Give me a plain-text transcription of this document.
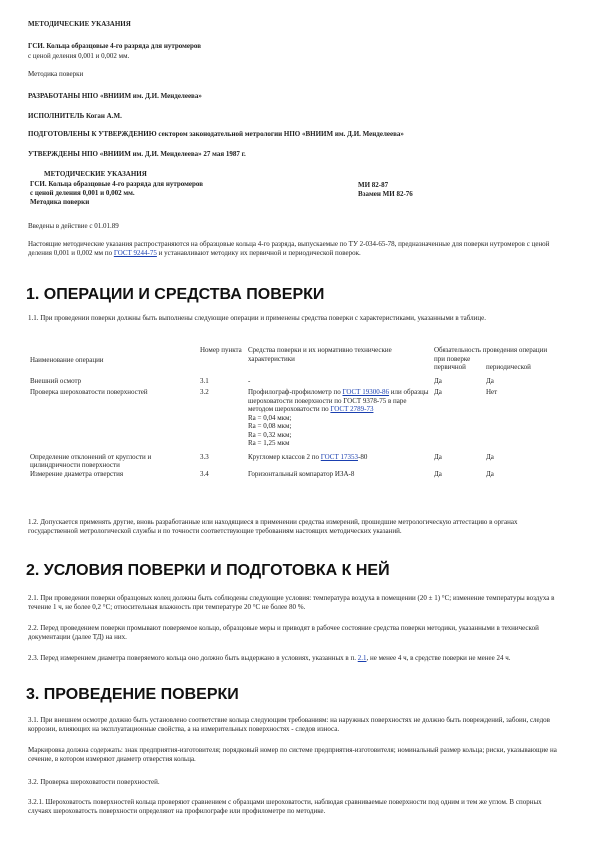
МЕТОДИЧЕСКИЕ УКАЗАНИЯ
ГСИ. Кольца образцовые 4-го разряда для нутромеров
с ценой деления 0,001 и 0,002 мм.
Методика поверки
РАЗРАБОТАНЫ НПО «ВНИИМ им. Д.И. Менделеева»
ИСПОЛНИТЕЛЬ Коган А.М.
ПОДГОТОВЛЕНЫ К УТВЕРЖДЕНИЮ сектором законодательной метрологии НПО «ВНИИМ им. Д.И. Менделеева»
УТВЕРЖДЕНЫ НПО «ВНИИМ им. Д.И. Менделеева» 27 мая 1987 г.
МЕТОДИЧЕСКИЕ УКАЗАНИЯ
ГСИ. Кольца образцовые 4-го разряда для нутромеров
с ценой деления 0,001 и 0,002 мм.
Методика поверки
МИ 82-87
Взамен МИ 82-76
Введены в действие с 01.01.89
Настоящие методические указания распространяются на образцовые кольца 4-го разряда, выпускаемые по ТУ 2-034-65-78, предназначенные для поверки нутромеров с ценой деления 0,001 и 0,002 мм по ГОСТ 9244-75 и устанавливают методику их первичной и периодической поверок.
1. ОПЕРАЦИИ И СРЕДСТВА ПОВЕРКИ
1.1. При проведении поверки должны быть выполнены следующие операции и применены средства поверки с характеристиками, указанными в таблице.
Наименование операции	Номер пункта	Средства поверки и их нормативно технические характеристики	Обязательность проведения операции при поверке	
			первичной	периодической
Внешний осмотр	3.1	-	Да	Да
Проверка шероховатости поверхностей	3.2	Профилограф-профилометр по ГОСТ 19300-86 или образцы шероховатости поверхности по ГОСТ 9378-75 в паре методом шероховатости по ГОСТ 2789-73
Ra = 0,04 мкм;
Ra = 0,08 мкм;
Ra = 0,32 мкм;
Ra = 1,25 мкм	Да	Нет
Определение отклонений от круглости и цилиндричности поверхности	3.3	Кругломер классов 2 по ГОСТ 17353-80	Да	Да
Измерение диаметра отверстия	3.4	Горизонтальный компаратор ИЗА-8	Да	Да
1.2. Допускается применять другие, вновь разработанные или находящиеся в применении средства измерений, прошедшие метрологическую аттестацию в органах государственной метрологической службы и по точности соответствующие требованиям настоящих методических указаний.
2. УСЛОВИЯ ПОВЕРКИ И ПОДГОТОВКА К НЕЙ
2.1. При проведении поверки образцовых колец должны быть соблюдены следующие условия: температура воздуха в помещении (20 ± 1) °С; изменение температуры воздуха в течение 1 ч, не более 0,2 °С; относительная влажность при температуре 20 °С не более 80 %.
2.2. Перед проведением поверки промывают поверяемое кольцо, образцовые меры и приводят в рабочее состояние средства поверки методики, указанными в технической документации (далее ТД) на них.
2.3. Перед измерением диаметра поверяемого кольца оно должно быть выдержано в условиях, указанных в п. 2.1, не менее 4 ч, в средстве поверки не менее 24 ч.
3. ПРОВЕДЕНИЕ ПОВЕРКИ
3.1. При внешнем осмотре должно быть установлено соответствие кольца следующим требованиям: на наружных поверхностях не должно быть повреждений, забоин, следов коррозии, влияющих на эксплуатационные свойства, а на измерительных поверхностях - следов износа.
Маркировка должна содержать: знак предприятия-изготовителя; порядковый номер по системе предприятия-изготовителя; номинальный размер кольца; риски, указывающие на сечение, в котором измеряют диаметр отверстия кольца.
3.2. Проверка шероховатости поверхностей.
3.2.1. Шероховатость поверхностей кольца проверяют сравнением с образцами шероховатости, наблюдая сравниваемые поверхности под одним и тем же углом. В спорных случаях шероховатость поверхности определяют на профилографе или профилометре по методике.
